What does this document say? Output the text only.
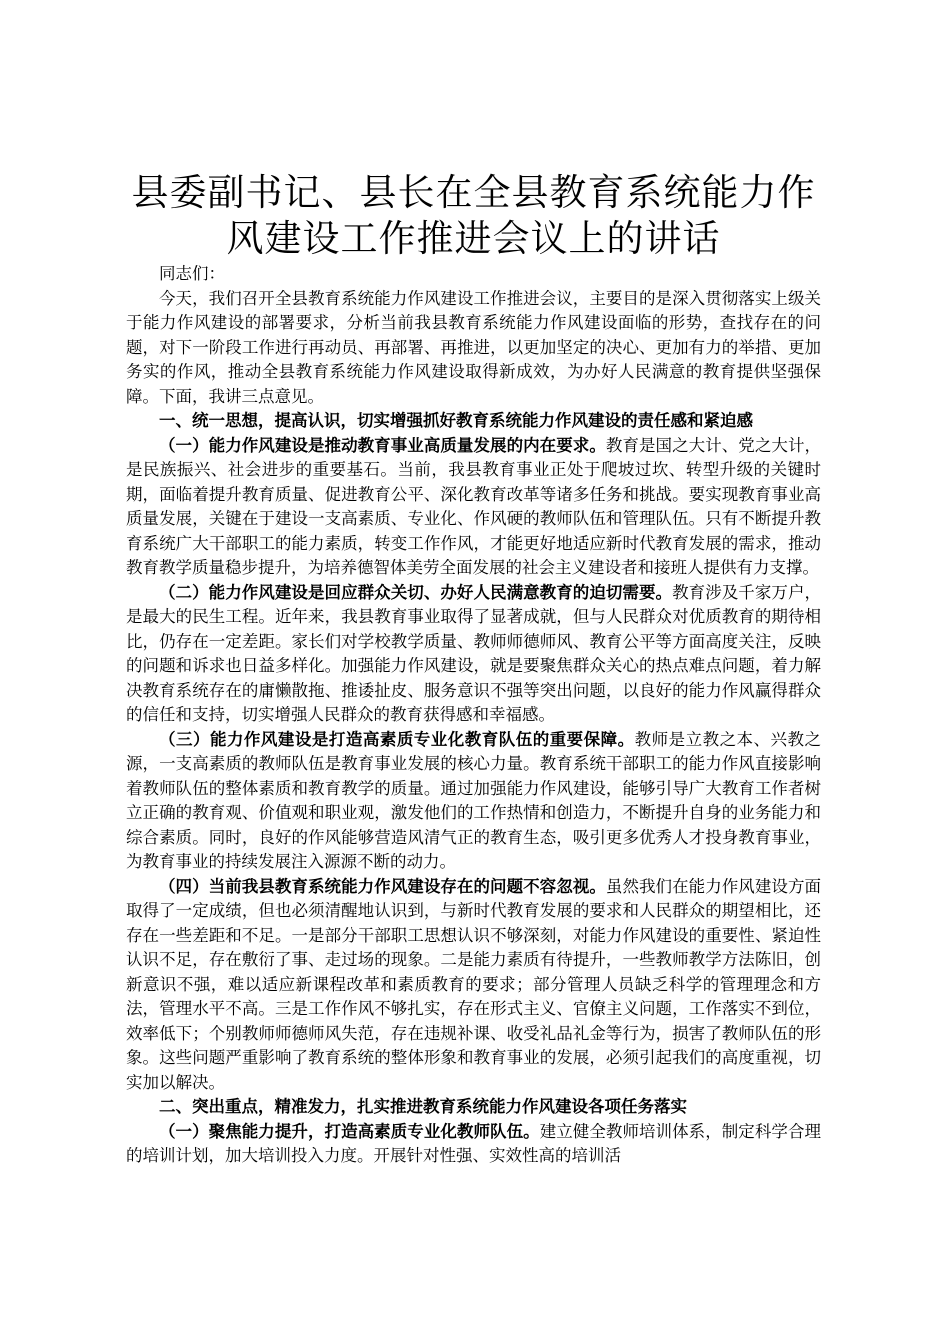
县委副书记、县长在全县教育系统能力作风建设工作推进会议上的讲话

同志们：

今天，我们召开全县教育系统能力作风建设工作推进会议，主要目的是深入贯彻落实上级关于能力作风建设的部署要求，分析当前我县教育系统能力作风建设面临的形势，查找存在的问题，对下一阶段工作进行再动员、再部署、再推进，以更加坚定的决心、更加有力的举措、更加务实的作风，推动全县教育系统能力作风建设取得新成效，为办好人民满意的教育提供坚强保障。下面，我讲三点意见。

一、统一思想，提高认识，切实增强抓好教育系统能力作风建设的责任感和紧迫感

（一）能力作风建设是推动教育事业高质量发展的内在要求。教育是国之大计、党之大计，是民族振兴、社会进步的重要基石。当前，我县教育事业正处于爬坡过坎、转型升级的关键时期，面临着提升教育质量、促进教育公平、深化教育改革等诸多任务和挑战。要实现教育事业高质量发展，关键在于建设一支高素质、专业化、作风硬的教师队伍和管理队伍。只有不断提升教育系统广大干部职工的能力素质，转变工作作风，才能更好地适应新时代教育发展的需求，推动教育教学质量稳步提升，为培养德智体美劳全面发展的社会主义建设者和接班人提供有力支撑。

（二）能力作风建设是回应群众关切、办好人民满意教育的迫切需要。教育涉及千家万户，是最大的民生工程。近年来，我县教育事业取得了显著成就，但与人民群众对优质教育的期待相比，仍存在一定差距。家长们对学校教学质量、教师师德师风、教育公平等方面高度关注，反映的问题和诉求也日益多样化。加强能力作风建设，就是要聚焦群众关心的热点难点问题，着力解决教育系统存在的庸懒散拖、推诿扯皮、服务意识不强等突出问题，以良好的能力作风赢得群众的信任和支持，切实增强人民群众的教育获得感和幸福感。

（三）能力作风建设是打造高素质专业化教育队伍的重要保障。教师是立教之本、兴教之源，一支高素质的教师队伍是教育事业发展的核心力量。教育系统干部职工的能力作风直接影响着教师队伍的整体素质和教育教学的质量。通过加强能力作风建设，能够引导广大教育工作者树立正确的教育观、价值观和职业观，激发他们的工作热情和创造力，不断提升自身的业务能力和综合素质。同时，良好的作风能够营造风清气正的教育生态，吸引更多优秀人才投身教育事业，为教育事业的持续发展注入源源不断的动力。

（四）当前我县教育系统能力作风建设存在的问题不容忽视。虽然我们在能力作风建设方面取得了一定成绩，但也必须清醒地认识到，与新时代教育发展的要求和人民群众的期望相比，还存在一些差距和不足。一是部分干部职工思想认识不够深刻，对能力作风建设的重要性、紧迫性认识不足，存在敷衍了事、走过场的现象。二是能力素质有待提升，一些教师教学方法陈旧，创新意识不强，难以适应新课程改革和素质教育的要求；部分管理人员缺乏科学的管理理念和方法，管理水平不高。三是工作作风不够扎实，存在形式主义、官僚主义问题，工作落实不到位，效率低下；个别教师师德师风失范，存在违规补课、收受礼品礼金等行为，损害了教师队伍的形象。这些问题严重影响了教育系统的整体形象和教育事业的发展，必须引起我们的高度重视，切实加以解决。

二、突出重点，精准发力，扎实推进教育系统能力作风建设各项任务落实

（一）聚焦能力提升，打造高素质专业化教师队伍。建立健全教师培训体系，制定科学合理的培训计划，加大培训投入力度。开展针对性强、实效性高的培训活
